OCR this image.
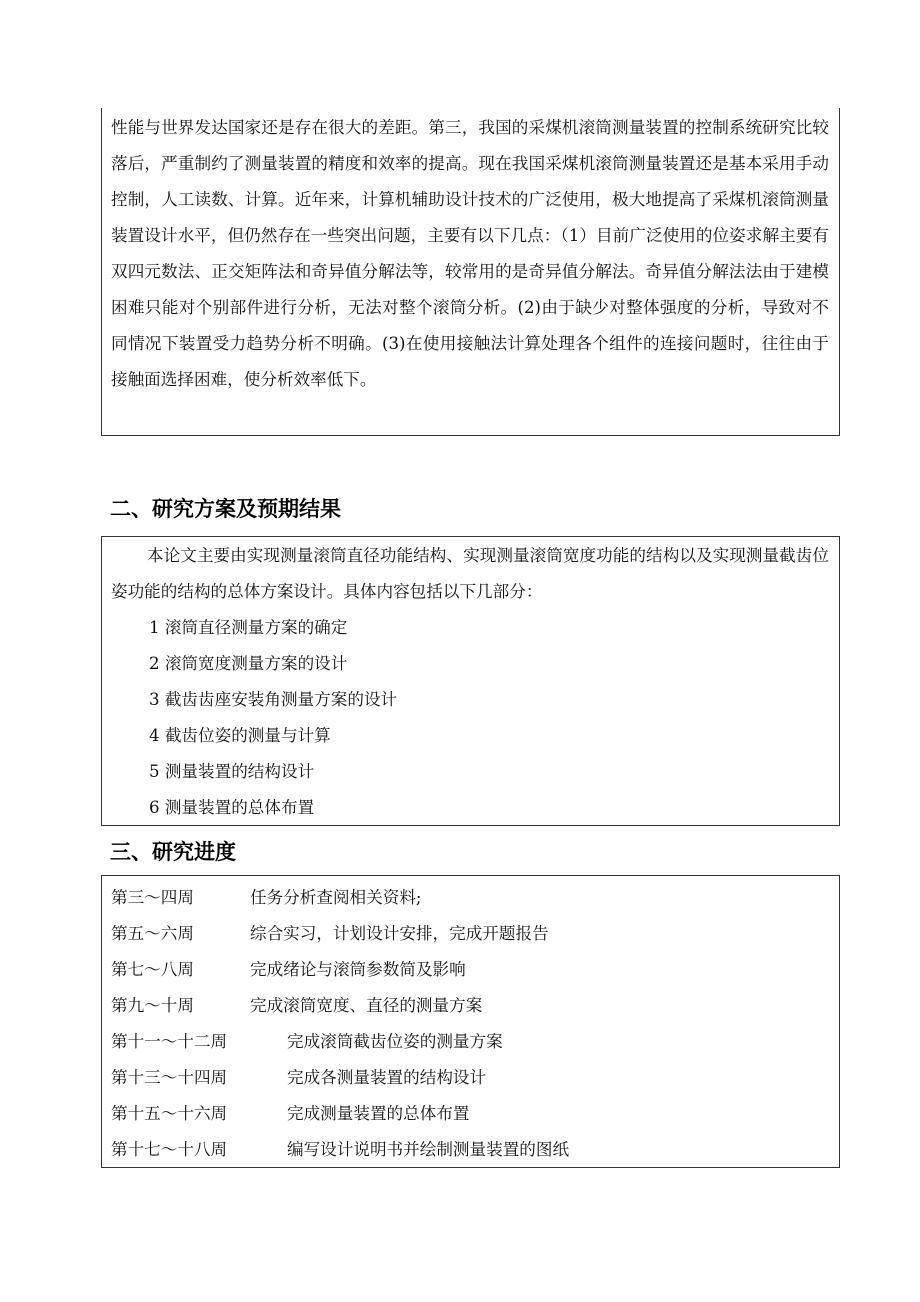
性能与世界发达国家还是存在很大的差距。第三，我国的采煤机滚筒测量装置的控制系统研究比较落后，严重制约了测量装置的精度和效率的提高。现在我国采煤机滚筒测量装置还是基本采用手动控制，人工读数、计算。近年来，计算机辅助设计技术的广泛使用，极大地提高了采煤机滚筒测量装置设计水平，但仍然存在一些突出问题，主要有以下几点：（1）目前广泛使用的位姿求解主要有双四元数法、正交矩阵法和奇异值分解法等，较常用的是奇异值分解法。奇异值分解法法由于建模困难只能对个别部件进行分析，无法对整个滚筒分析。(2)由于缺少对整体强度的分析，导致对不同情况下装置受力趋势分析不明确。(3)在使用接触法计算处理各个组件的连接问题时，往往由于接触面选择困难，使分析效率低下。

二、研究方案及预期结果

本论文主要由实现测量滚筒直径功能结构、实现测量滚筒宽度功能的结构以及实现测量截齿位姿功能的结构的总体方案设计。具体内容包括以下几部分：

1 滚筒直径测量方案的确定
2 滚筒宽度测量方案的设计
3 截齿齿座安装角测量方案的设计
4 截齿位姿的测量与计算
5 测量装置的结构设计
6 测量装置的总体布置
三、研究进度
第三～四周	任务分析查阅相关资料;
第五～六周	综合实习，计划设计安排，完成开题报告
第七～八周	完成绪论与滚筒参数简及影响
第九～十周	完成滚筒宽度、直径的测量方案
第十一～十二周	完成滚筒截齿位姿的测量方案
第十三～十四周	完成各测量装置的结构设计
第十五～十六周	完成测量装置的总体布置
第十七～十八周	编写设计说明书并绘制测量装置的图纸
